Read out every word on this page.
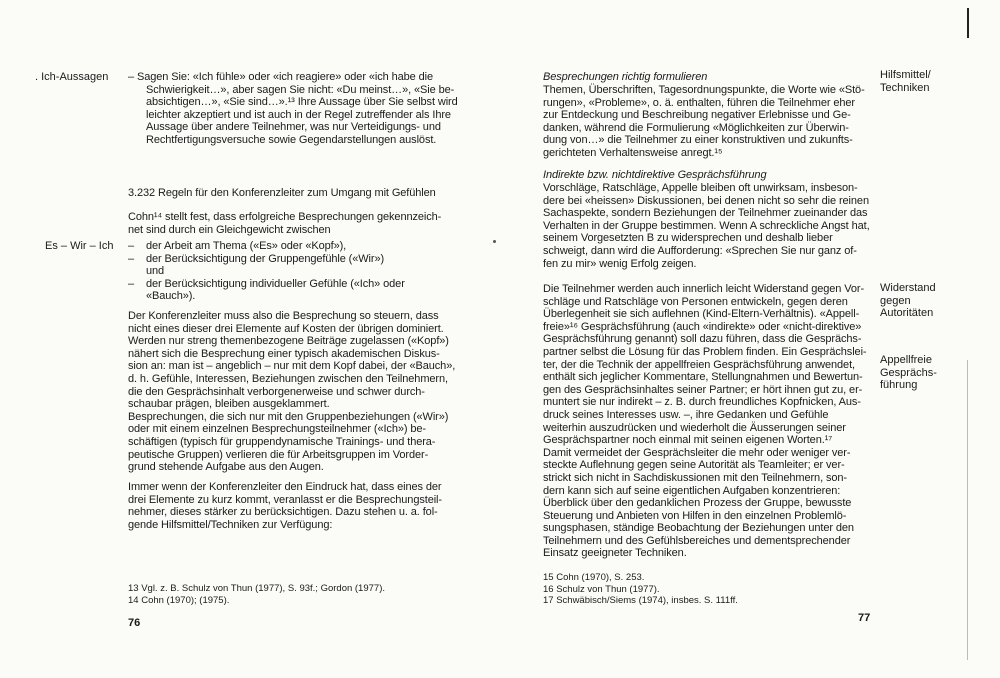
. Ich-Aussagen – Sagen Sie: «Ich fühle» oder «ich reagiere» oder «ich habe die
Schwierigkeit…», aber sagen Sie nicht: «Du meinst…», «Sie be-
absichtigen…», «Sie sind…».¹³ Ihre Aussage über Sie selbst wird
leichter akzeptiert und ist auch in der Regel zutreffender als Ihre
Aussage über andere Teilnehmer, was nur Verteidigungs- und
Rechtfertigungsversuche sowie Gegendarstellungen auslöst.
3.232 Regeln für den Konferenzleiter zum Umgang mit Gefühlen
Cohn¹⁴ stellt fest, dass erfolgreiche Besprechungen gekennzeich-
net sind durch ein Gleichgewicht zwischen
Es – Wir – Ich –	der Arbeit am Thema («Es» oder «Kopf»),
–	der Berücksichtigung der Gruppengefühle («Wir»)
und
–	der Berücksichtigung individueller Gefühle («Ich» oder
«Bauch»).
Der Konferenzleiter muss also die Besprechung so steuern, dass
nicht eines dieser drei Elemente auf Kosten der übrigen dominiert.
Werden nur streng themenbezogene Beiträge zugelassen («Kopf»)
nähert sich die Besprechung einer typisch akademischen Diskus-
sion an: man ist – angeblich – nur mit dem Kopf dabei, der «Bauch»,
d. h. Gefühle, Interessen, Beziehungen zwischen den Teilnehmern,
die den Gesprächsinhalt verborgenerweise und schwer durch-
schaubar prägen, bleiben ausgeklammert.
Besprechungen, die sich nur mit den Gruppenbeziehungen («Wir»)
oder mit einem einzelnen Besprechungsteilnehmer («Ich») be-
schäftigen (typisch für gruppendynamische Trainings- und thera-
peutische Gruppen) verlieren die für Arbeitsgruppen im Vorder-
grund stehende Aufgabe aus den Augen.
Immer wenn der Konferenzleiter den Eindruck hat, dass eines der
drei Elemente zu kurz kommt, veranlasst er die Besprechungsteil-
nehmer, dieses stärker zu berücksichtigen. Dazu stehen u. a. fol-
gende Hilfsmittel/Techniken zur Verfügung:
13 Vgl. z. B. Schulz von Thun (1977), S. 93f.; Gordon (1977).
14 Cohn (1970); (1975).
76
Hilfsmittel/
Techniken
Besprechungen richtig formulieren
Themen, Überschriften, Tagesordnungspunkte, die Worte wie «Stö-
rungen», «Probleme», o. ä. enthalten, führen die Teilnehmer eher
zur Entdeckung und Beschreibung negativer Erlebnisse und Ge-
danken, während die Formulierung «Möglichkeiten zur Überwin-
dung von…» die Teilnehmer zu einer konstruktiven und zukunfts-
gerichteten Verhaltensweise anregt.¹⁵
Indirekte bzw. nichtdirektive Gesprächsführung
Vorschläge, Ratschläge, Appelle bleiben oft unwirksam, insbeson-
dere bei «heissen» Diskussionen, bei denen nicht so sehr die reinen
Sachaspekte, sondern Beziehungen der Teilnehmer zueinander das
Verhalten in der Gruppe bestimmen. Wenn A schreckliche Angst hat,
seinem Vorgesetzten B zu widersprechen und deshalb lieber
schweigt, dann wird die Aufforderung: «Sprechen Sie nur ganz of-
fen zu mir» wenig Erfolg zeigen.
Widerstand
gegen
Autoritäten
Appellfreie
Gesprächs-
führung
Die Teilnehmer werden auch innerlich leicht Widerstand gegen Vor-
schläge und Ratschläge von Personen entwickeln, gegen deren
Überlegenheit sie sich auflehnen (Kind-Eltern-Verhältnis). «Appell-
freie»¹⁶ Gesprächsführung (auch «indirekte» oder «nicht-direktive»
Gesprächsführung genannt) soll dazu führen, dass die Gesprächs-
partner selbst die Lösung für das Problem finden. Ein Gesprächslei-
ter, der die Technik der appellfreien Gesprächsführung anwendet,
enthält sich jeglicher Kommentare, Stellungnahmen und Bewertun-
gen des Gesprächsinhaltes seiner Partner; er hört ihnen gut zu, er-
muntert sie nur indirekt – z. B. durch freundliches Kopfnicken, Aus-
druck seines Interesses usw. –, ihre Gedanken und Gefühle
weiterhin auszudrücken und wiederholt die Äusserungen seiner
Gesprächspartner noch einmal mit seinen eigenen Worten.¹⁷
Damit vermeidet der Gesprächsleiter die mehr oder weniger ver-
steckte Auflehnung gegen seine Autorität als Teamleiter; er ver-
strickt sich nicht in Sachdiskussionen mit den Teilnehmern, son-
dern kann sich auf seine eigentlichen Aufgaben konzentrieren:
Überblick über den gedanklichen Prozess der Gruppe, bewusste
Steuerung und Anbieten von Hilfen in den einzelnen Problemlö-
sungsphasen, ständige Beobachtung der Beziehungen unter den
Teilnehmern und des Gefühlsbereiches und dementsprechender
Einsatz geeigneter Techniken.
15 Cohn (1970), S. 253.
16 Schulz von Thun (1977).
17 Schwäbisch/Siems (1974), insbes. S. 111ff.
77
